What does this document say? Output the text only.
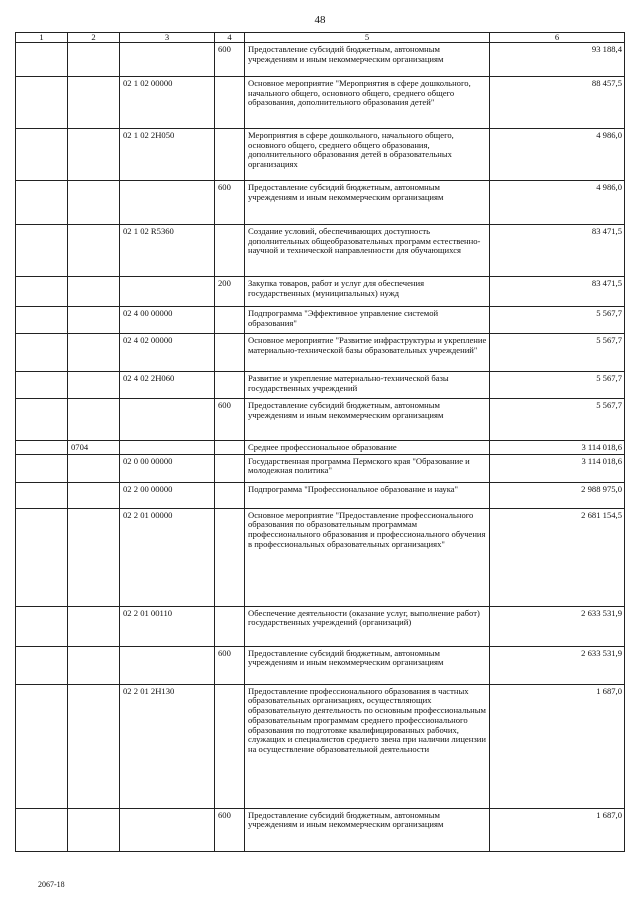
48
1	2	3	4	5	6
			600	Предоставление субсидий бюджетным, автономным учреждениям и иным некоммерческим организациям	93 188,4
		02 1 02 00000		Основное мероприятие "Мероприятия в сфере дошкольного, начального общего, основного общего, среднего общего образования, дополнительного образования детей"	88 457,5
		02 1 02 2Н050		Мероприятия в сфере дошкольного, начального общего, основного общего, среднего общего образования, дополнительного образования детей в образовательных организациях	4 986,0
			600	Предоставление субсидий бюджетным, автономным учреждениям и иным некоммерческим организациям	4 986,0
		02 1 02 R5360		Создание условий, обеспечивающих доступность дополнительных общеобразовательных программ естественно-научной и технической направленности для обучающихся	83 471,5
			200	Закупка товаров, работ и услуг для обеспечения государственных (муниципальных) нужд	83 471,5
		02 4 00 00000		Подпрограмма "Эффективное управление системой образования"	5 567,7
		02 4 02 00000		Основное мероприятие "Развитие инфраструктуры и укрепление материально-технической базы образовательных учреждений"	5 567,7
		02 4 02 2Н060		Развитие и укрепление материально-технической базы государственных учреждений	5 567,7
			600	Предоставление субсидий бюджетным, автономным учреждениям и иным некоммерческим организациям	5 567,7
	0704			Среднее профессиональное образование	3 114 018,6
		02 0 00 00000		Государственная программа Пермского края "Образование и молодежная политика"	3 114 018,6
		02 2 00 00000		Подпрограмма "Профессиональное образование и наука"	2 988 975,0
		02 2 01 00000		Основное мероприятие "Предоставление профессионального образования по образовательным программам профессионального образования и профессионального обучения в профессиональных образовательных организациях"	2 681 154,5
		02 2 01 00110		Обеспечение деятельности (оказание услуг, выполнение работ) государственных учреждений (организаций)	2 633 531,9
			600	Предоставление субсидий бюджетным, автономным учреждениям и иным некоммерческим организациям	2 633 531,9
		02 2 01 2Н130		Предоставление профессионального образования в частных образовательных организациях, осуществляющих образовательную деятельность по основным профессиональным образовательным программам среднего профессионального образования по подготовке квалифицированных рабочих, служащих и специалистов среднего звена при наличии лицензии на осуществление образовательной деятельности	1 687,0
			600	Предоставление субсидий бюджетным, автономным учреждениям и иным некоммерческим организациям	1 687,0
2067-18
